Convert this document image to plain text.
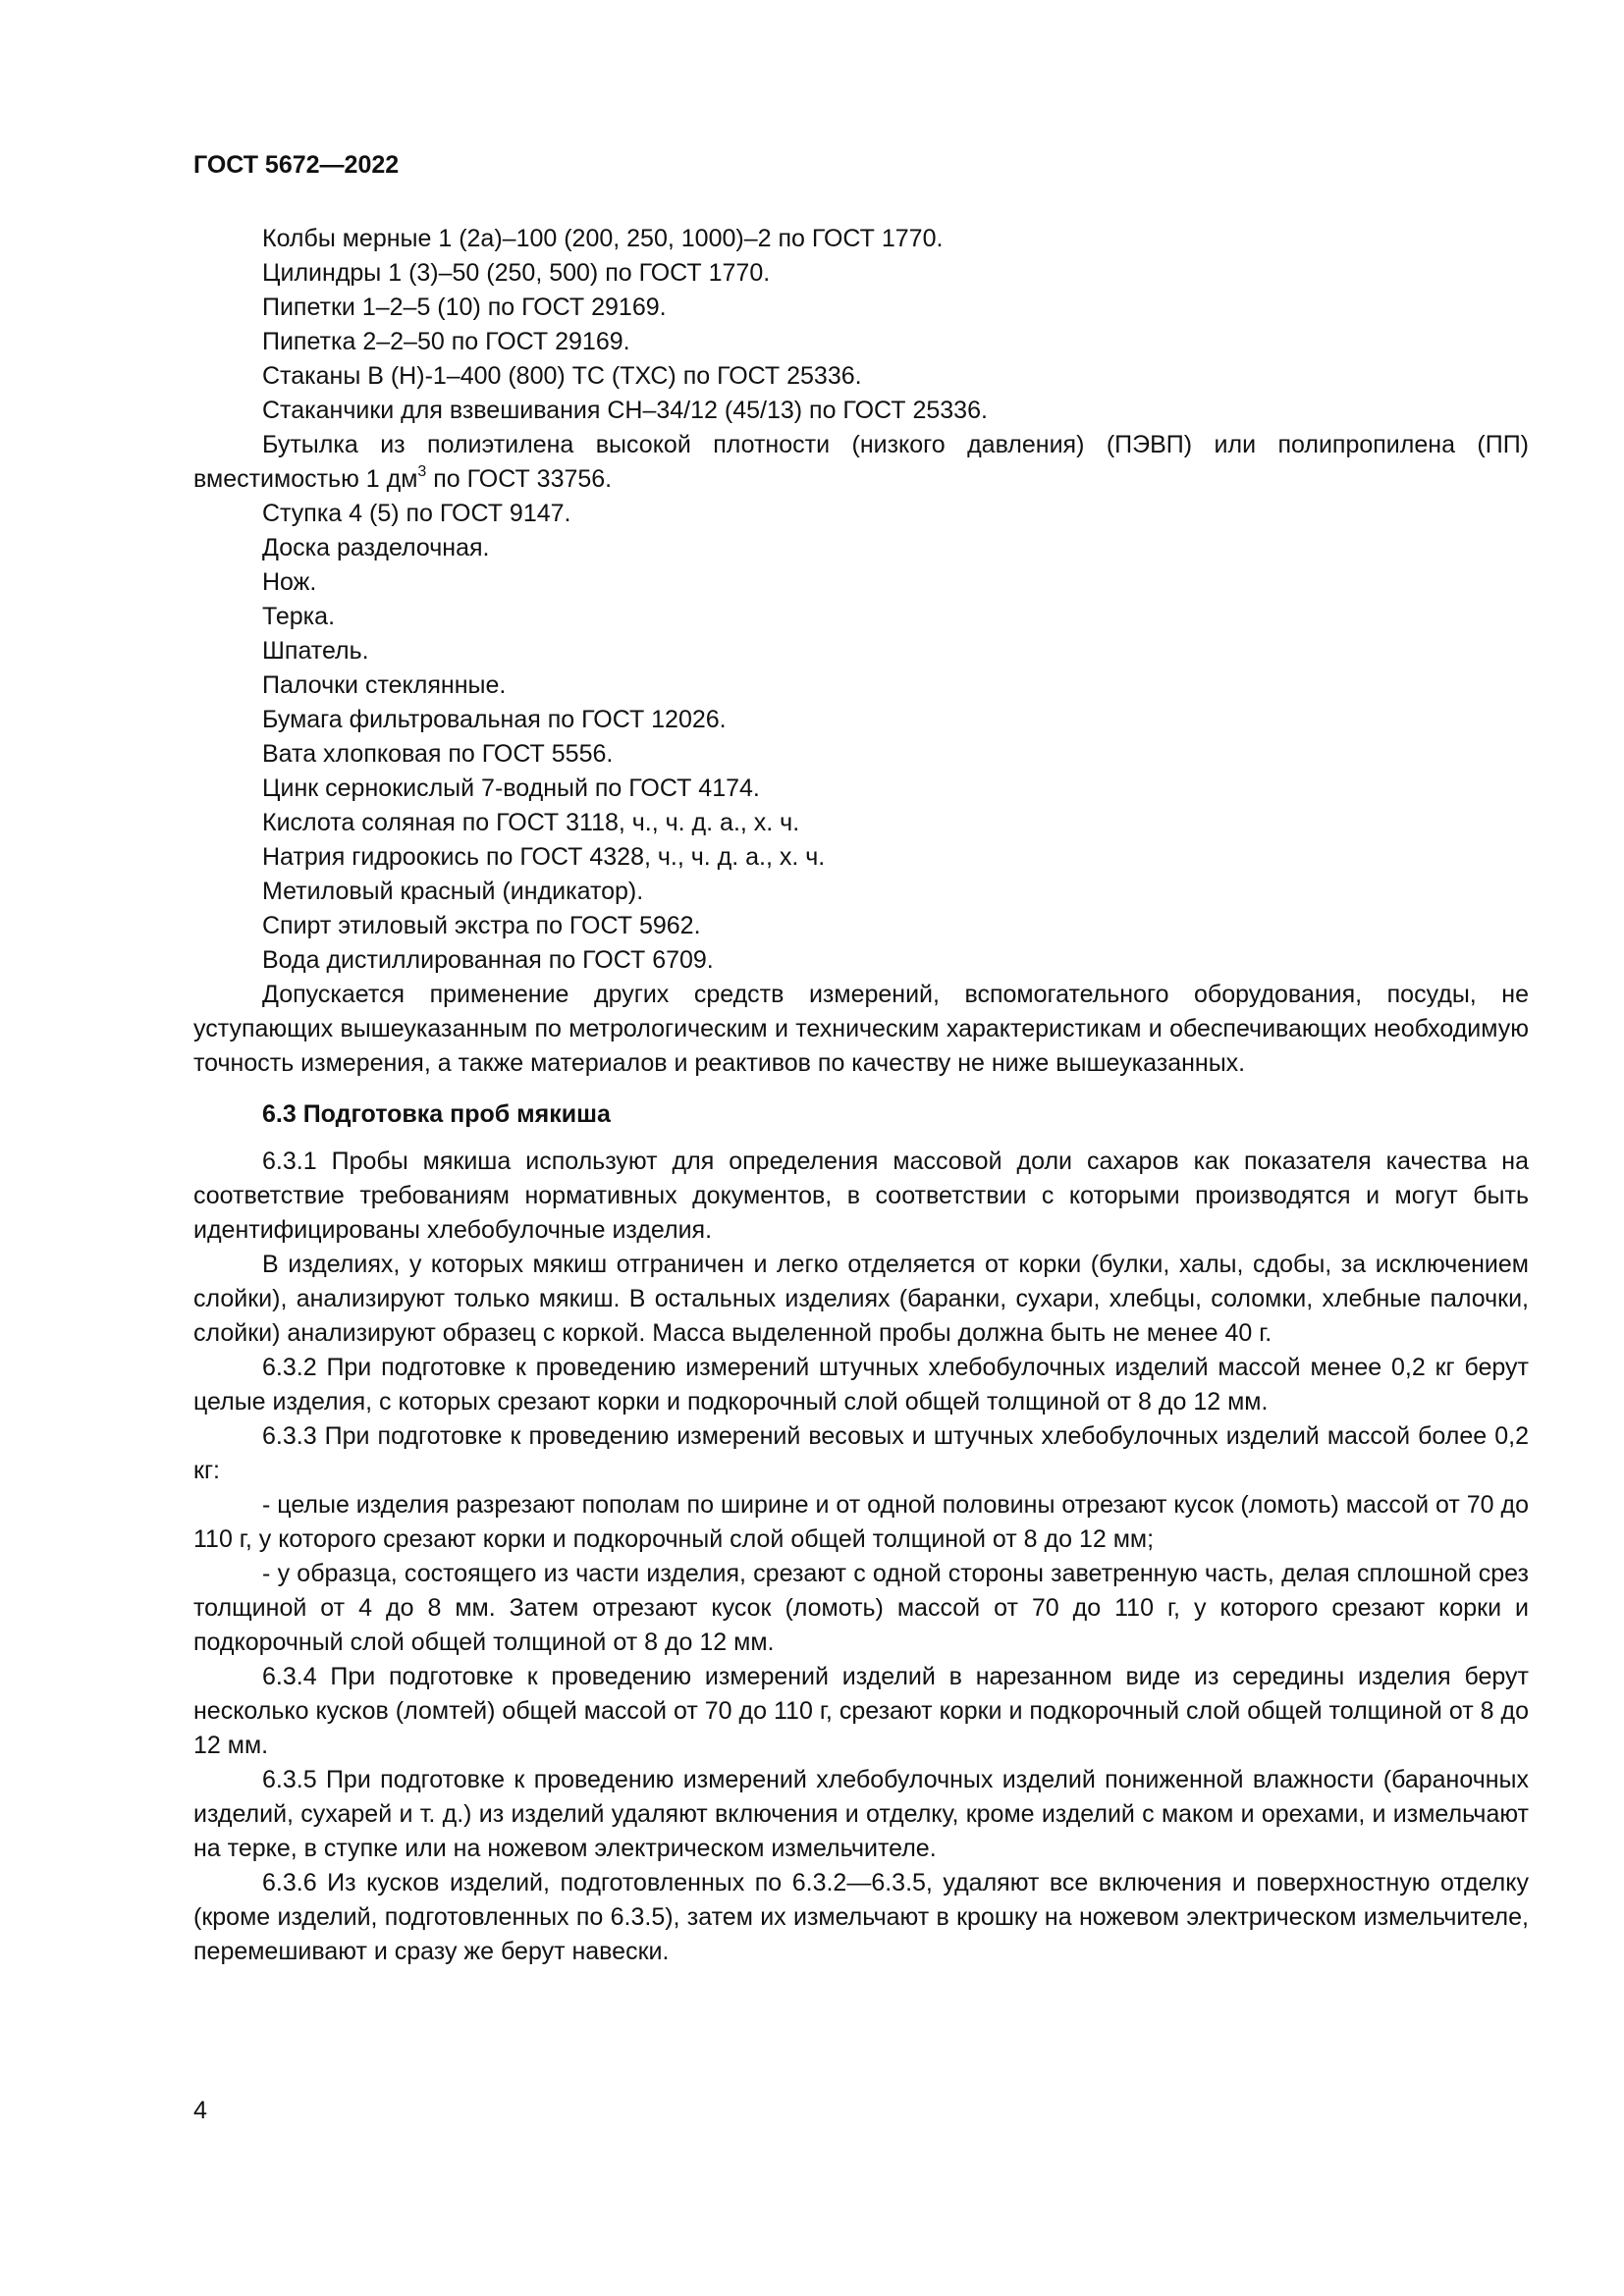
ГОСТ 5672—2022

Колбы мерные 1 (2а)–100 (200, 250, 1000)–2 по ГОСТ 1770.

Цилиндры 1 (3)–50 (250, 500) по ГОСТ 1770.

Пипетки 1–2–5 (10) по ГОСТ 29169.

Пипетка 2–2–50 по ГОСТ 29169.

Стаканы В (Н)-1–400 (800) ТС (ТХС) по ГОСТ 25336.

Стаканчики для взвешивания СН–34/12 (45/13) по ГОСТ 25336.

Бутылка из полиэтилена высокой плотности (низкого давления) (ПЭВП) или полипропилена (ПП) вместимостью 1 $дм^3$ по ГОСТ 33756.

Ступка 4 (5) по ГОСТ 9147.

Доска разделочная.

Нож.

Терка.

Шпатель.

Палочки стеклянные.

Бумага фильтровальная по ГОСТ 12026.

Вата хлопковая по ГОСТ 5556.

Цинк сернокислый 7-водный по ГОСТ 4174.

Кислота соляная по ГОСТ 3118, ч., ч. д. а., х. ч.

Натрия гидроокись по ГОСТ 4328, ч., ч. д. а., х. ч.

Метиловый красный (индикатор).

Спирт этиловый экстра по ГОСТ 5962.

Вода дистиллированная по ГОСТ 6709.

Допускается применение других средств измерений, вспомогательного оборудования, посуды, не уступающих вышеуказанным по метрологическим и техническим характеристикам и обеспечивающих необходимую точность измерения, а также материалов и реактивов по качеству не ниже вышеуказанных.

6.3 Подготовка проб мякиша

6.3.1 Пробы мякиша используют для определения массовой доли сахаров как показателя качества на соответствие требованиям нормативных документов, в соответствии с которыми производятся и могут быть идентифицированы хлебобулочные изделия.

В изделиях, у которых мякиш отграничен и легко отделяется от корки (булки, халы, сдобы, за исключением слойки), анализируют только мякиш. В остальных изделиях (баранки, сухари, хлебцы, соломки, хлебные палочки, слойки) анализируют образец с коркой. Масса выделенной пробы должна быть не менее 40 г.

6.3.2 При подготовке к проведению измерений штучных хлебобулочных изделий массой менее 0,2 кг берут целые изделия, с которых срезают корки и подкорочный слой общей толщиной от 8 до 12 мм.

6.3.3 При подготовке к проведению измерений весовых и штучных хлебобулочных изделий массой более 0,2 кг:

- целые изделия разрезают пополам по ширине и от одной половины отрезают кусок (ломоть) массой от 70 до 110 г, у которого срезают корки и подкорочный слой общей толщиной от 8 до 12 мм;

- у образца, состоящего из части изделия, срезают с одной стороны заветренную часть, делая сплошной срез толщиной от 4 до 8 мм. Затем отрезают кусок (ломоть) массой от 70 до 110 г, у которого срезают корки и подкорочный слой общей толщиной от 8 до 12 мм.

6.3.4 При подготовке к проведению измерений изделий в нарезанном виде из середины изделия берут несколько кусков (ломтей) общей массой от 70 до 110 г, срезают корки и подкорочный слой общей толщиной от 8 до 12 мм.

6.3.5 При подготовке к проведению измерений хлебобулочных изделий пониженной влажности (бараночных изделий, сухарей и т. д.) из изделий удаляют включения и отделку, кроме изделий с маком и орехами, и измельчают на терке, в ступке или на ножевом электрическом измельчителе.

6.3.6 Из кусков изделий, подготовленных по 6.3.2—6.3.5, удаляют все включения и поверхностную отделку (кроме изделий, подготовленных по 6.3.5), затем их измельчают в крошку на ножевом электрическом измельчителе, перемешивают и сразу же берут навески.

4
